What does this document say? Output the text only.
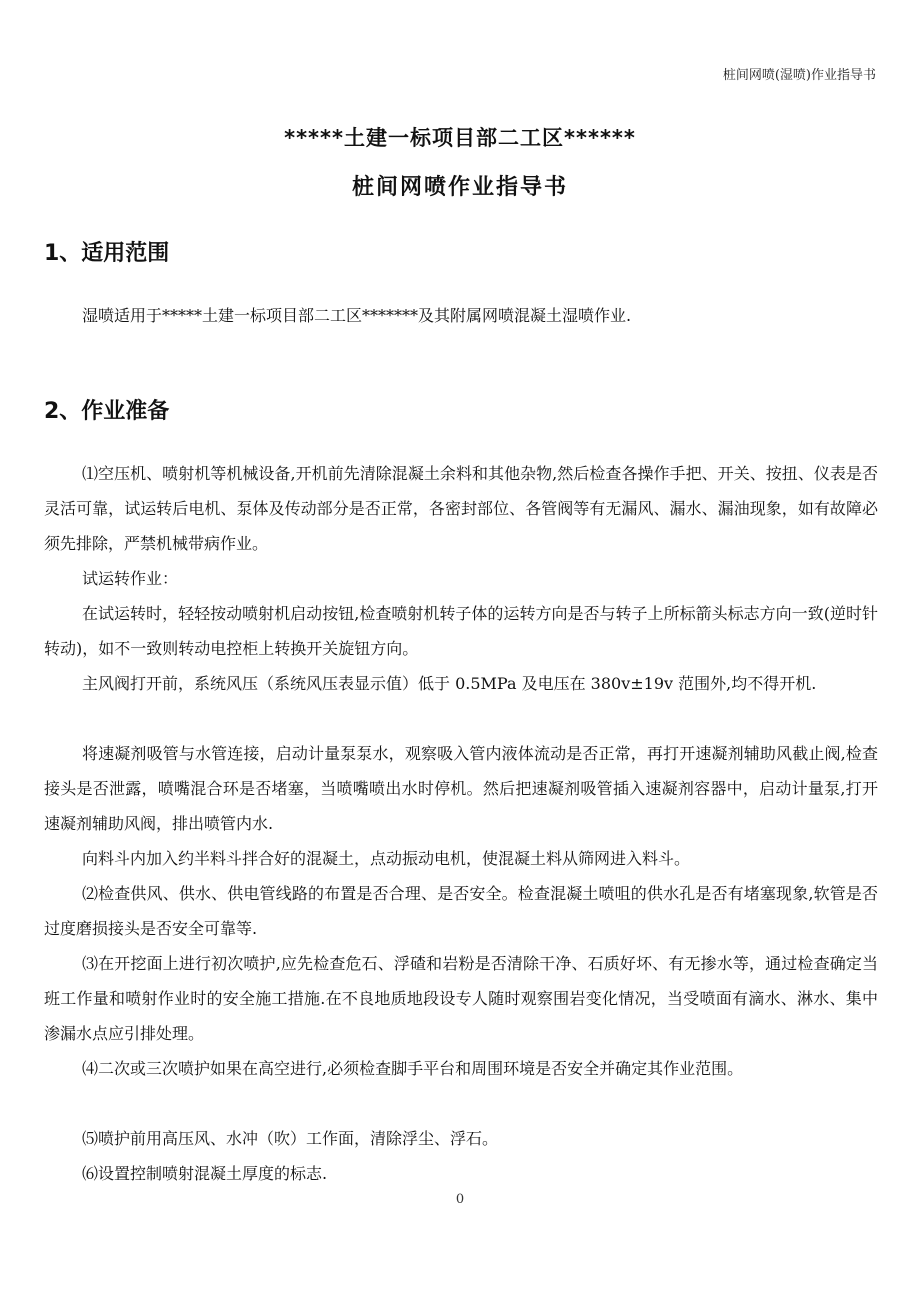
桩间网喷(湿喷)作业指导书
*****土建一标项目部二工区******
桩间网喷作业指导书
1、适用范围

湿喷适用于*****土建一标项目部二工区*******及其附属网喷混凝土湿喷作业.

2、作业准备

⑴空压机、喷射机等机械设备,开机前先清除混凝土余料和其他杂物,然后检查各操作手把、开关、按扭、仪表是否灵活可靠，试运转后电机、泵体及传动部分是否正常，各密封部位、各管阀等有无漏风、漏水、漏油现象，如有故障必须先排除，严禁机械带病作业。

试运转作业：

在试运转时，轻轻按动喷射机启动按钮,检查喷射机转子体的运转方向是否与转子上所标箭头标志方向一致(逆时针转动)，如不一致则转动电控柜上转换开关旋钮方向。

主风阀打开前，系统风压（系统风压表显示值）低于 0.5MPa 及电压在 380v±19v 范围外,均不得开机.

将速凝剂吸管与水管连接，启动计量泵泵水，观察吸入管内液体流动是否正常，再打开速凝剂辅助风截止阀,检查接头是否泄露，喷嘴混合环是否堵塞，当喷嘴喷出水时停机。然后把速凝剂吸管插入速凝剂容器中，启动计量泵,打开速凝剂辅助风阀，排出喷管内水.

向料斗内加入约半料斗拌合好的混凝土，点动振动电机，使混凝土料从筛网进入料斗。

⑵检查供风、供水、供电管线路的布置是否合理、是否安全。检查混凝土喷咀的供水孔是否有堵塞现象,软管是否过度磨损接头是否安全可靠等.

⑶在开挖面上进行初次喷护,应先检查危石、浮碴和岩粉是否清除干净、石质好坏、有无掺水等，通过检查确定当班工作量和喷射作业时的安全施工措施.在不良地质地段设专人随时观察围岩变化情况，当受喷面有滴水、淋水、集中渗漏水点应引排处理。

⑷二次或三次喷护如果在高空进行,必须检查脚手平台和周围环境是否安全并确定其作业范围。

⑸喷护前用高压风、水冲（吹）工作面，清除浮尘、浮石。

⑹设置控制喷射混凝土厚度的标志.

0
